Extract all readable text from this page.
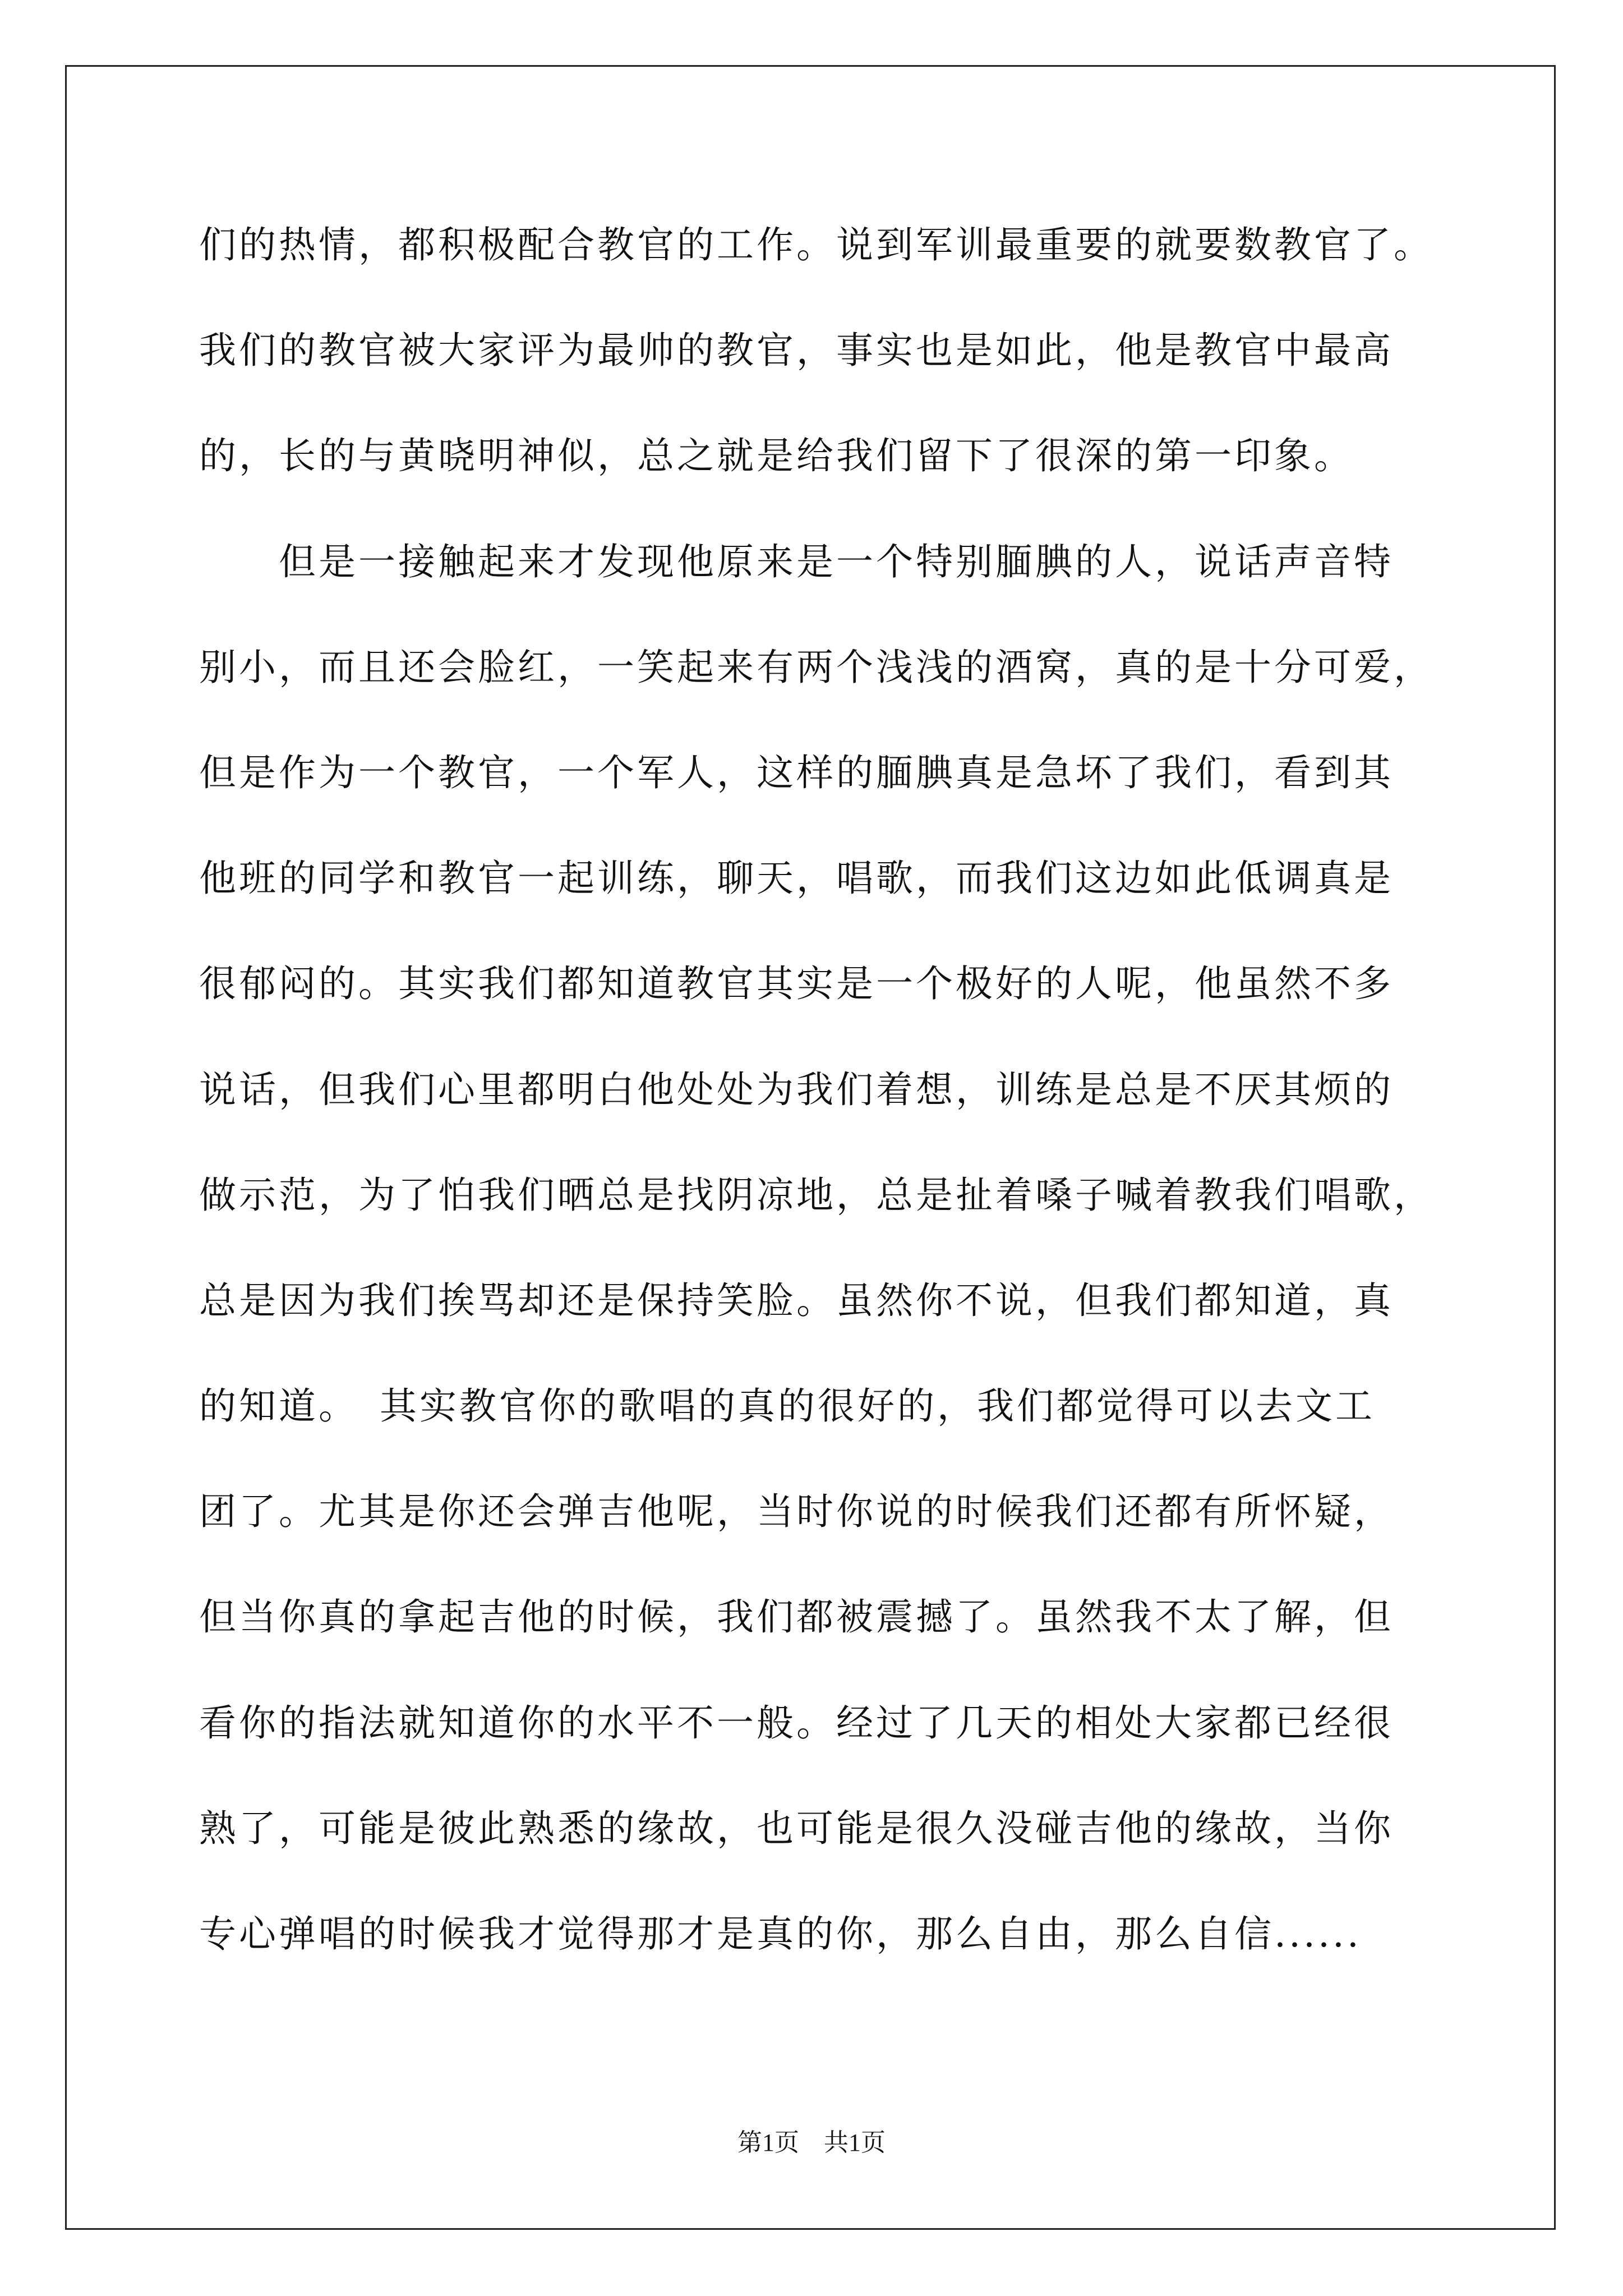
们的热情，都积极配合教官的工作。说到军训最重要的就要数教官了。
我们的教官被大家评为最帅的教官，事实也是如此，他是教官中最高
的，长的与黄晓明神似，总之就是给我们留下了很深的第一印象。
　　但是一接触起来才发现他原来是一个特别腼腆的人，说话声音特
别小，而且还会脸红，一笑起来有两个浅浅的酒窝，真的是十分可爱，
但是作为一个教官，一个军人，这样的腼腆真是急坏了我们，看到其
他班的同学和教官一起训练，聊天，唱歌，而我们这边如此低调真是
很郁闷的。其实我们都知道教官其实是一个极好的人呢，他虽然不多
说话，但我们心里都明白他处处为我们着想，训练是总是不厌其烦的
做示范，为了怕我们晒总是找阴凉地，总是扯着嗓子喊着教我们唱歌，
总是因为我们挨骂却还是保持笑脸。虽然你不说，但我们都知道，真
的知道。　其实教官你的歌唱的真的很好的，我们都觉得可以去文工
团了。尤其是你还会弹吉他呢，当时你说的时候我们还都有所怀疑，
但当你真的拿起吉他的时候，我们都被震撼了。虽然我不太了解，但
看你的指法就知道你的水平不一般。经过了几天的相处大家都已经很
熟了，可能是彼此熟悉的缘故，也可能是很久没碰吉他的缘故，当你
专心弹唱的时候我才觉得那才是真的你，那么自由，那么自信......
第1页　共1页
